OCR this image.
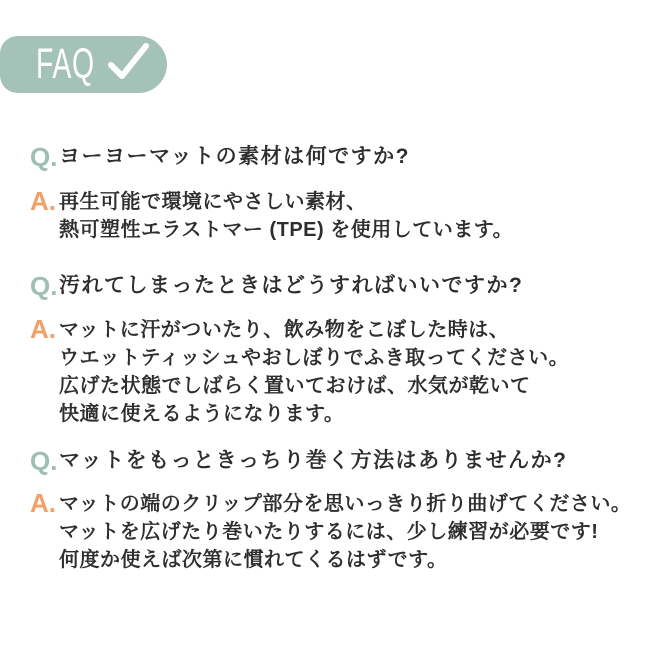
FAQ
Q. ヨーヨーマットの素材は何ですか?
A. 再生可能で環境にやさしい素材、
熱可塑性エラストマー (TPE) を使用しています。
Q. 汚れてしまったときはどうすればいいですか?
A. マットに汗がついたり、飲み物をこぼした時は、
ウエットティッシュやおしぼりでふき取ってください。
広げた状態でしばらく置いておけば、水気が乾いて
快適に使えるようになります。
Q. マットをもっときっちり巻く方法はありませんか?
A. マットの端のクリップ部分を思いっきり折り曲げてください。
マットを広げたり巻いたりするには、少し練習が必要です!
何度か使えば次第に慣れてくるはずです。
